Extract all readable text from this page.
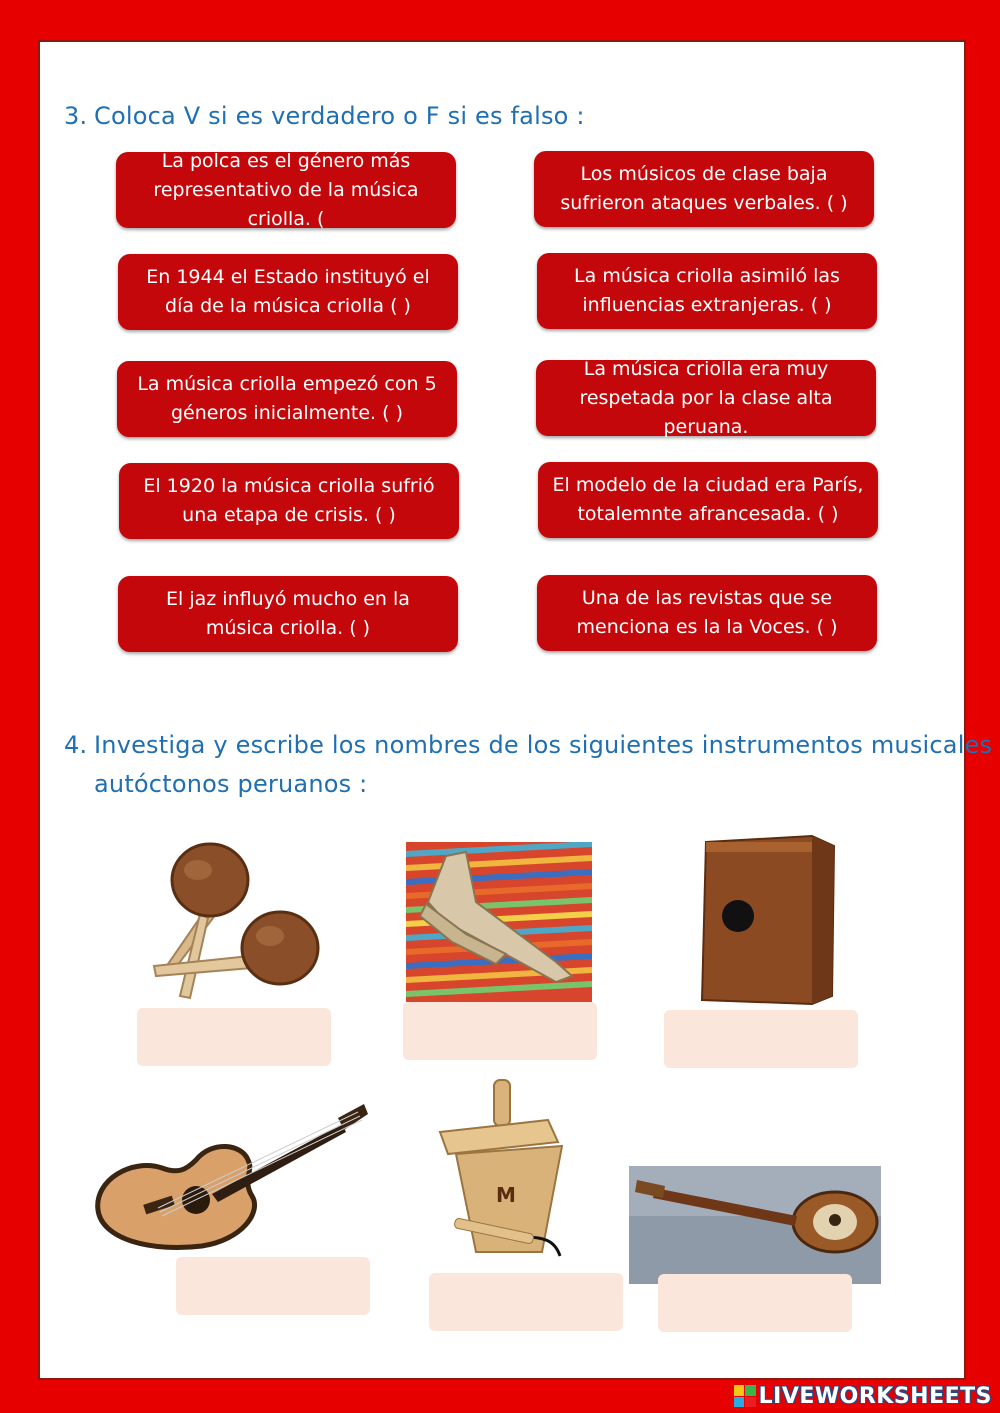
3. Coloca V si es verdadero o F si es falso :
La polca es el género más representativo de la música criolla. (
Los músicos de clase baja sufrieron ataques verbales. ( )
En 1944 el Estado instituyó el día de la música criolla ( )
La música criolla asimiló las influencias extranjeras. ( )
La música criolla empezó con 5 géneros inicialmente. ( )
La música criolla era muy respetada por la clase alta peruana.
El 1920 la música criolla sufrió una etapa de crisis. ( )
El modelo de la ciudad era París, totalemnte afrancesada. ( )
El jaz influyó mucho en la música criolla. ( )
Una de las revistas que se menciona es la la Voces. ( )
4. Investiga y escribe los nombres de los siguientes instrumentos musicales
autóctonos peruanos :
M
LIVEWORKSHEETS
